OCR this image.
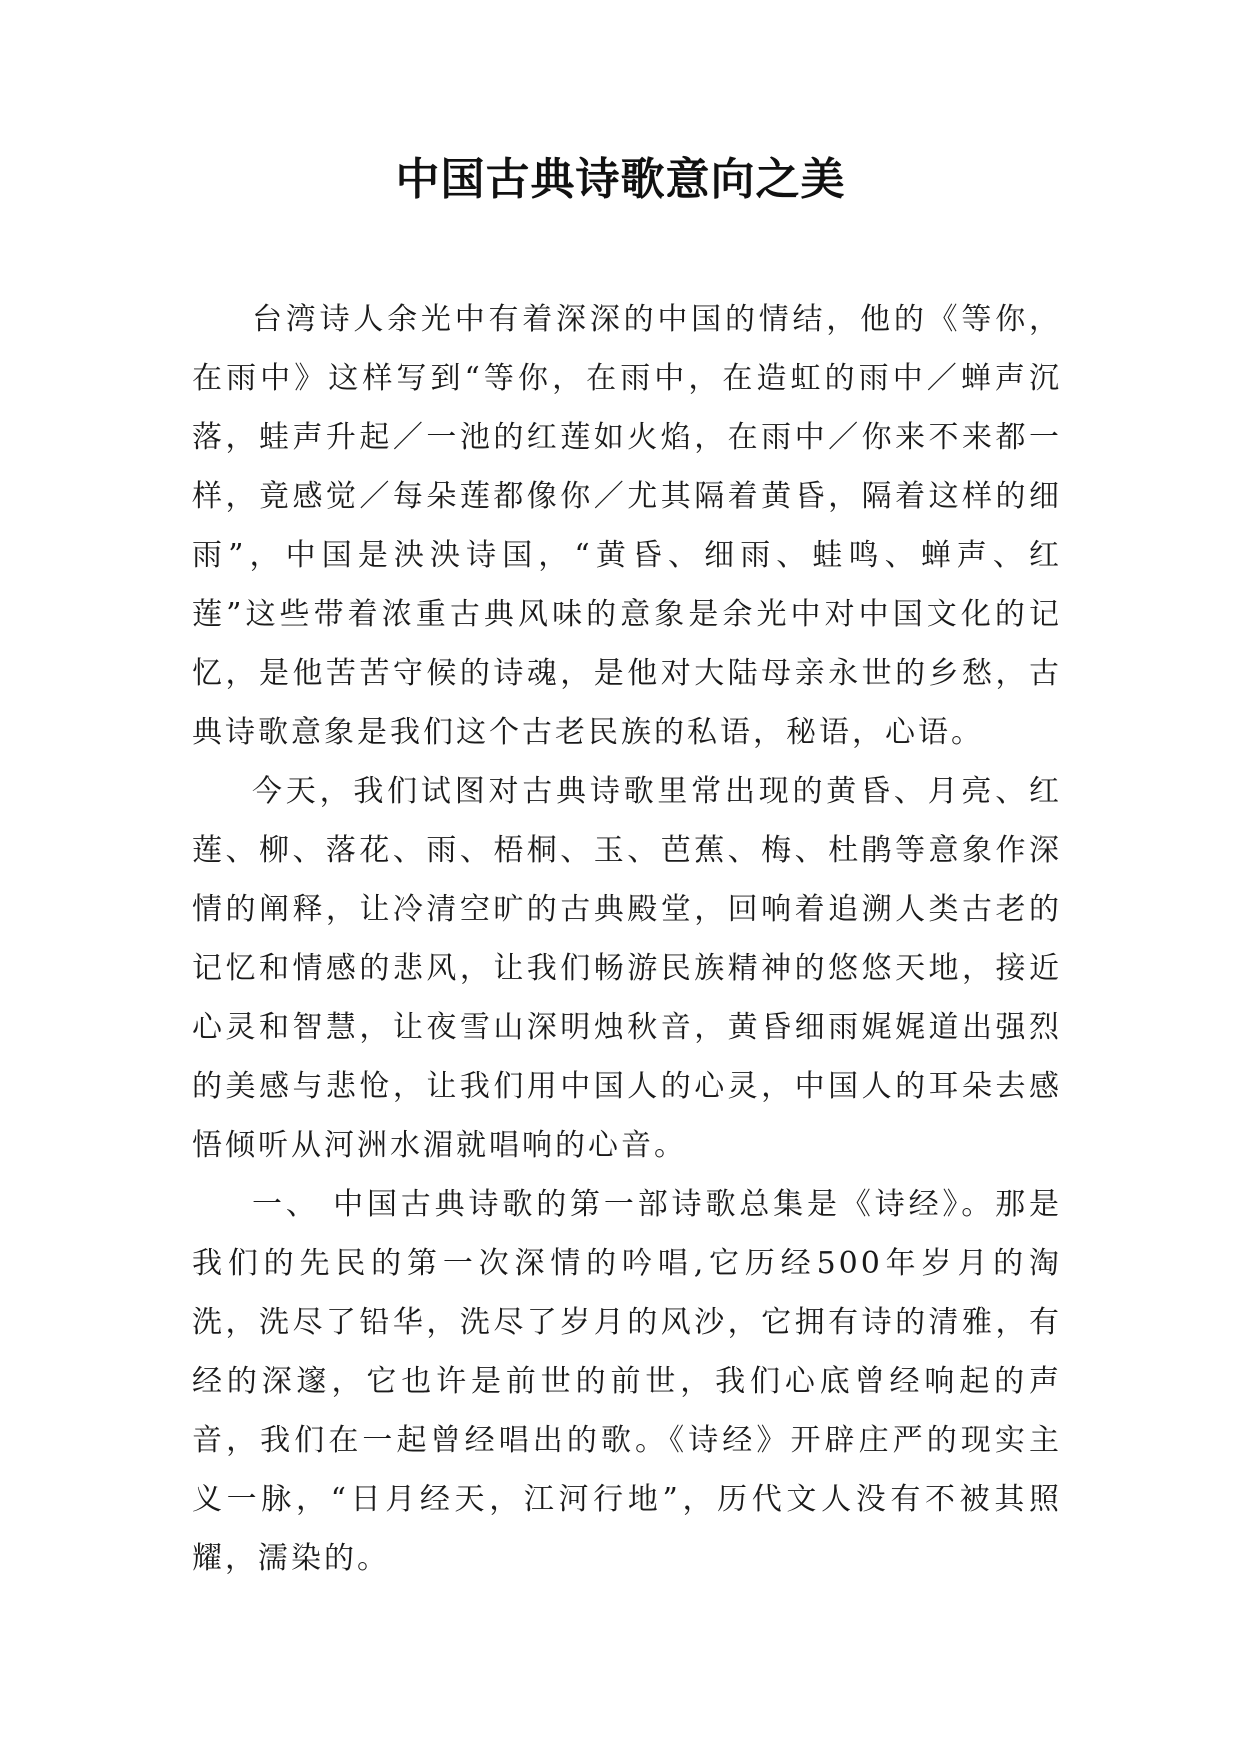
中国古典诗歌意向之美

台湾诗人余光中有着深深的中国的情结，他的《等你，在雨中》这样写到“等你，在雨中，在造虹的雨中／蝉声沉落，蛙声升起／一池的红莲如火焰，在雨中／你来不来都一样，竟感觉／每朵莲都像你／尤其隔着黄昏，隔着这样的细雨”，中国是泱泱诗国，“黄昏、细雨、蛙鸣、蝉声、红莲”这些带着浓重古典风味的意象是余光中对中国文化的记忆，是他苦苦守候的诗魂，是他对大陆母亲永世的乡愁，古典诗歌意象是我们这个古老民族的私语，秘语，心语。

今天，我们试图对古典诗歌里常出现的黄昏、月亮、红莲、柳、落花、雨、梧桐、玉、芭蕉、梅、杜鹃等意象作深情的阐释，让冷清空旷的古典殿堂，回响着追溯人类古老的记忆和情感的悲风，让我们畅游民族精神的悠悠天地，接近心灵和智慧，让夜雪山深明烛秋音，黄昏细雨娓娓道出强烈的美感与悲怆，让我们用中国人的心灵，中国人的耳朵去感悟倾听从河洲水湄就唱响的心音。

一、 中国古典诗歌的第一部诗歌总集是《诗经》。那是我们的先民的第一次深情的吟唱,它历经500年岁月的淘洗，洗尽了铅华，洗尽了岁月的风沙，它拥有诗的清雅，有经的深邃，它也许是前世的前世，我们心底曾经响起的声音，我们在一起曾经唱出的歌。《诗经》开辟庄严的现实主义一脉，“日月经天，江河行地”，历代文人没有不被其照耀，濡染的。
